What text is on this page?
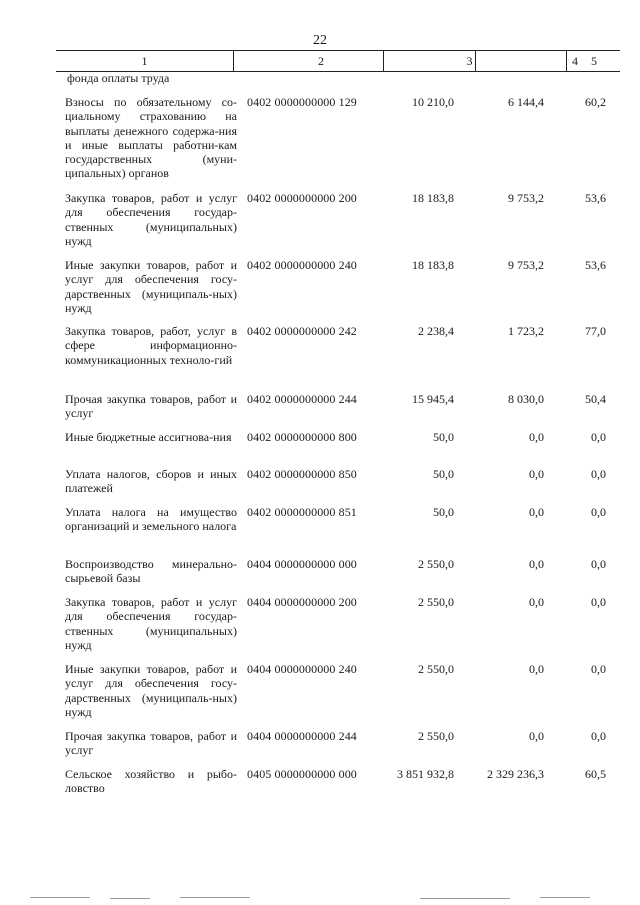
22
1	2	3	4	5
фонда оплаты труда
Взносы по обязательному со-циальному страхованию на выплаты денежного содержа-ния и иные выплаты работни-кам государственных (муни-ципальных) органов
0402 0000000000 129	10 210,0	6 144,4	60,2
Закупка товаров, работ и услуг для обеспечения государ-ственных (муниципальных) нужд
0402 0000000000 200	18 183,8	9 753,2	53,6
Иные закупки товаров, работ и услуг для обеспечения госу-дарственных (муниципаль-ных) нужд
0402 0000000000 240	18 183,8	9 753,2	53,6
Закупка товаров, работ, услуг в сфере информационно-коммуникационных техноло-гий
0402 0000000000 242	2 238,4	1 723,2	77,0
Прочая закупка товаров, работ и услуг
0402 0000000000 244	15 945,4	8 030,0	50,4
Иные бюджетные ассигнова-ния	0402 0000000000 800	50,0	0,0	0,0
Уплата налогов, сборов и иных платежей
0402 0000000000 850	50,0	0,0	0,0
Уплата налога на имущество организаций и земельного налога
0402 0000000000 851	50,0	0,0	0,0
Воспроизводство минерально-сырьевой базы
0404 0000000000 000	2 550,0	0,0	0,0
Закупка товаров, работ и услуг для обеспечения государ-ственных (муниципальных) нужд
0404 0000000000 200	2 550,0	0,0	0,0
Иные закупки товаров, работ и услуг для обеспечения госу-дарственных (муниципаль-ных) нужд
0404 0000000000 240	2 550,0	0,0	0,0
Прочая закупка товаров, работ и услуг
0404 0000000000 244	2 550,0	0,0	0,0
Сельское хозяйство и рыбо-ловство
0405 0000000000 000	3 851 932,8	2 329 236,3	60,5
